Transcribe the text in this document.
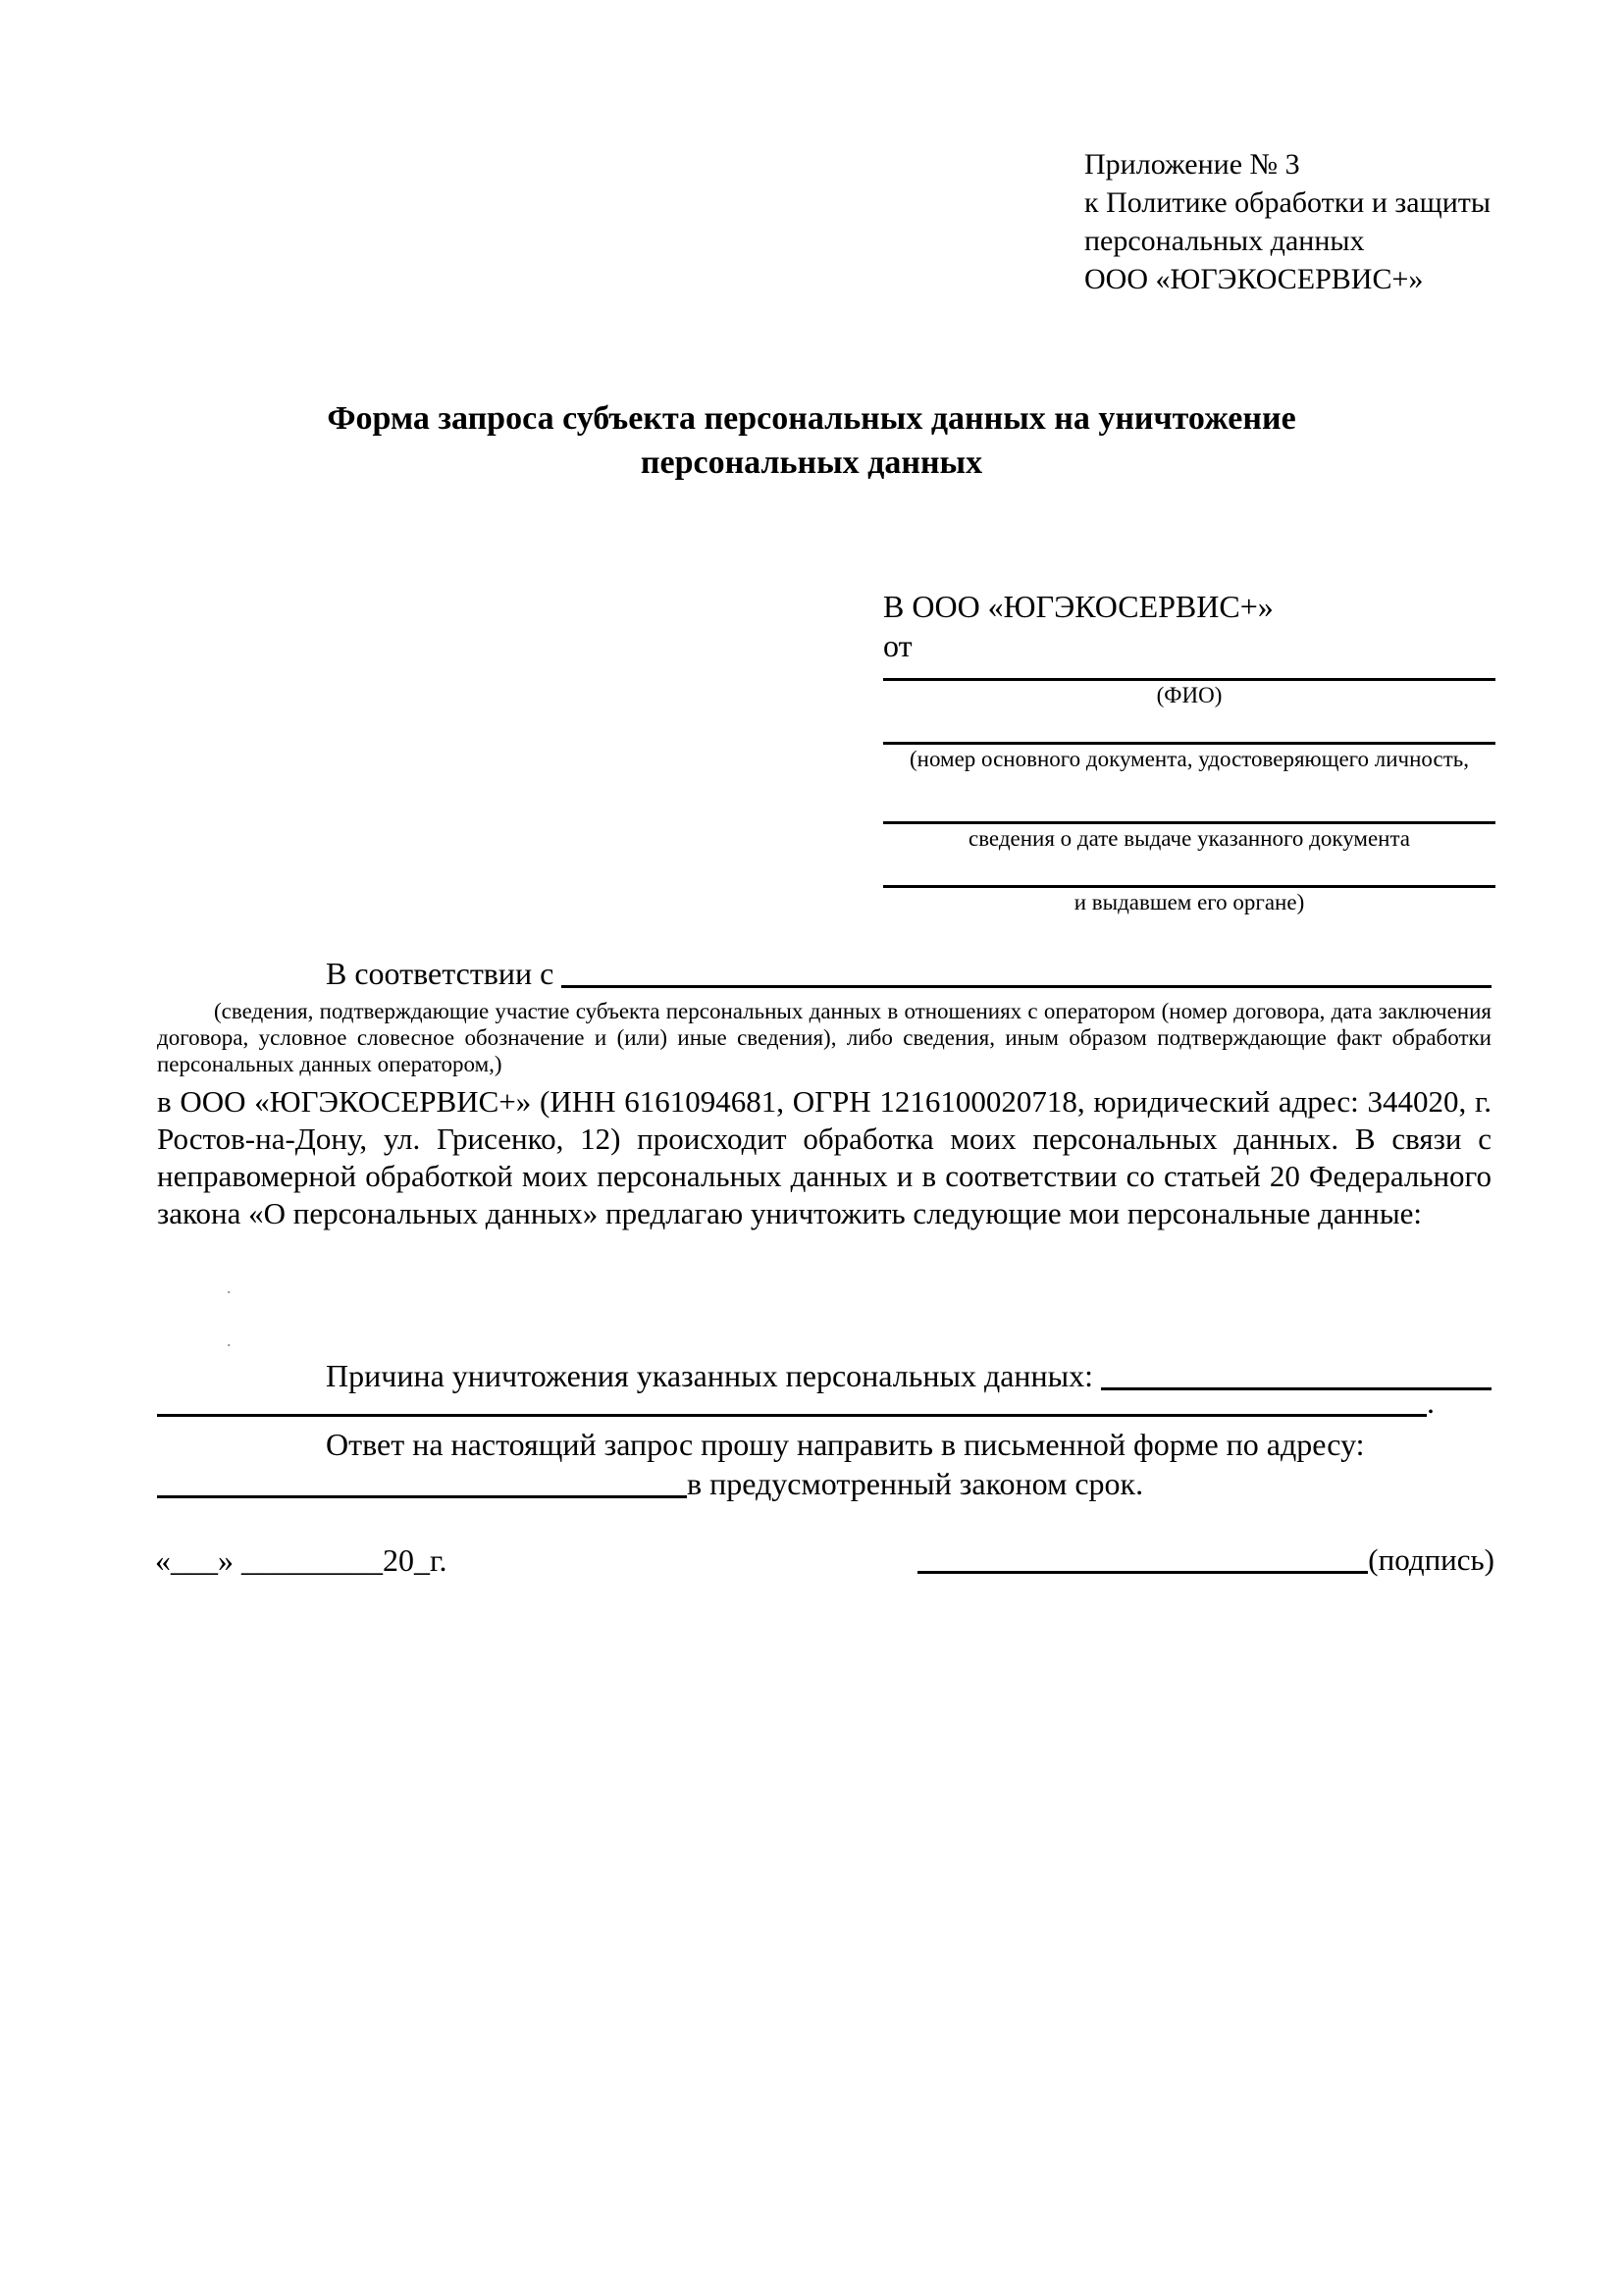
Приложение № 3
к Политике обработки и защиты
персональных данных
ООО «ЮГЭКОСЕРВИС+»
Форма запроса субъекта персональных данных на уничтожение
персональных данных
В ООО «ЮГЭКОСЕРВИС+»
от
(ФИО)
(номер основного документа, удостоверяющего личность,
сведения о дате выдаче указанного документа
и выдавшем его органе)
В соответствии с
(сведения, подтверждающие участие субъекта персональных данных в отношениях с оператором (номер договора, дата заключения договора, условное словесное обозначение и (или) иные сведения), либо сведения, иным образом подтверждающие факт обработки персональных данных оператором,)
в ООО «ЮГЭКОСЕРВИС+» (ИНН 6161094681, ОГРН 1216100020718, юридический адрес: 344020, г. Ростов-на-Дону, ул. Грисенко, 12) происходит обработка моих персональных данных. В связи с неправомерной обработкой моих персональных данных и в соответствии со статьей 20 Федерального закона «О персональных данных» предлагаю уничтожить следующие мои персональные данные:
.
.
Причина уничтожения указанных персональных данных:
.
Ответ на настоящий запрос прошу направить в письменной форме по адресу:
в предусмотренный законом срок.
«___» _________20_г.	(подпись)
